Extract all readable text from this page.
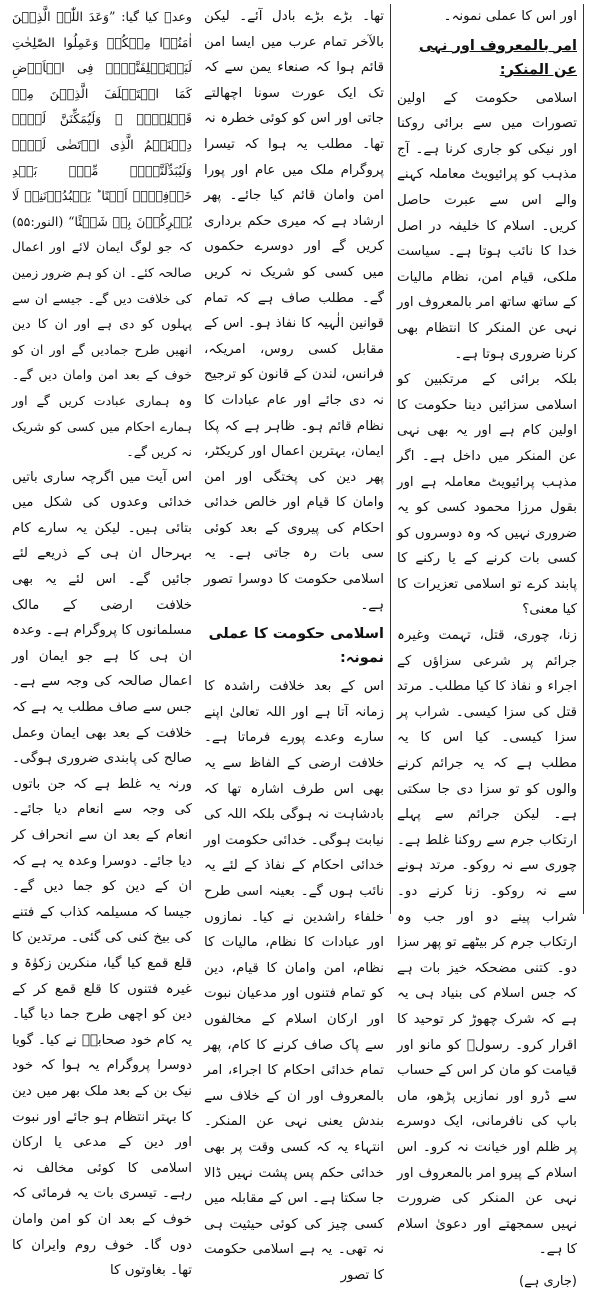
وعدہ کیا گیا: ”وَعَدَ اللّٰہُ الَّذِیۡنَ اٰمَنُوۡا مِنۡکُمۡ وَعَمِلُوا الصّٰلِحٰتِ لَیَسۡتَخۡلِفَنَّہُمۡ فِی الۡاَرۡضِ کَمَا اسۡتَخۡلَفَ الَّذِیۡنَ مِنۡ قَبۡلِہِمۡ ۪ وَلَیُمَکِّنَنَّ لَہُمۡ دِیۡنَہُمُ الَّذِی ارۡتَضٰی لَہُمۡ وَلَیُبَدِّلَنَّہُمۡ مِّنۡۢ بَعۡدِ خَوۡفِہِمۡ اَمۡنًا ؕ یَعۡبُدُوۡنَنِیۡ لَا یُشۡرِکُوۡنَ بِیۡ شَیۡئًا“ (النور:۵۵) کہ جو لوگ ایمان لائے اور اعمال صالحہ کئے۔ ان کو ہم ضرور زمین کی خلافت دیں گے۔ جیسے ان سے پہلوں کو دی ہے اور ان کا دین انھیں طرح جمادیں گے اور ان کو خوف کے بعد امن وامان دیں گے۔ وہ ہماری عبادت کریں گے اور ہمارے احکام میں کسی کو شریک نہ کریں گے۔

اس آیت میں اگرچہ ساری باتیں خدائی وعدوں کی شکل میں بتائی ہیں۔ لیکن یہ سارے کام بہرحال ان ہی کے ذریعے لئے جائیں گے۔ اس لئے یہ بھی خلافت ارضی کے مالک مسلمانوں کا پروگرام ہے۔ وعدہ ان ہی کا ہے جو ایمان اور اعمال صالحہ کی وجہ سے ہے۔ جس سے صاف مطلب یہ ہے کہ خلافت کے بعد بھی ایمان وعمل صالح کی پابندی ضروری ہوگی۔ ورنہ یہ غلط ہے کہ جن باتوں کی وجہ سے انعام دیا جائے۔ انعام کے بعد ان سے انحراف کر دیا جائے۔ دوسرا وعدہ یہ ہے کہ ان کے دین کو جما دیں گے۔ جیسا کہ مسیلمہ کذاب کے فتنے کی بیخ کنی کی گئی۔ مرتدین کا قلع قمع کیا گیا، منکرین زکوٰۃ و غیرہ فتنوں کا قلع قمع کر کے دین کو اچھی طرح جما دیا گیا۔ یہ کام خود صحابہؓ نے کیا۔ گویا دوسرا پروگرام یہ ہوا کہ خود نیک بن کے بعد ملک بھر میں دین کا بہتر انتظام ہو جائے اور نبوت اور دین کے مدعی یا ارکان اسلامی کا کوئی مخالف نہ رہے۔ تیسری بات یہ فرمائی کہ خوف کے بعد ان کو امن وامان دوں گا۔ خوف روم وایران کا تھا۔ بغاوتوں کا

تھا۔ بڑے بڑے بادل آئے۔ لیکن بالآخر تمام عرب میں ایسا امن قائم ہوا کہ صنعاء یمن سے کہ تک ایک عورت سونا اچھالتے جاتی اور اس کو کوئی خطرہ نہ تھا۔ مطلب یہ ہوا کہ تیسرا پروگرام ملک میں عام اور پورا امن وامان قائم کیا جائے۔ پھر ارشاد ہے کہ میری حکم برداری کریں گے اور دوسرے حکموں میں کسی کو شریک نہ کریں گے۔ مطلب صاف ہے کہ تمام قوانین الٰہیہ کا نفاذ ہو۔ اس کے مقابل کسی روس، امریکہ، فرانس، لندن کے قانون کو ترجیح نہ دی جائے اور عام عبادات کا نظام قائم ہو۔ ظاہر ہے کہ پکا ایمان، بہترین اعمال اور کریکٹر، پھر دین کی پختگی اور امن وامان کا قیام اور خالص خدائی احکام کی پیروی کے بعد کوئی سی بات رہ جاتی ہے۔ یہ اسلامی حکومت کا دوسرا تصور ہے۔

اسلامی حکومت کا عملی نمونہ:

اس کے بعد خلافت راشدہ کا زمانہ آتا ہے اور اللہ تعالیٰ اپنے سارے وعدے پورے فرماتا ہے۔ خلافت ارضی کے الفاظ سے یہ بھی اس طرف اشارہ تھا کہ بادشاہت نہ ہوگی بلکہ اللہ کی نیابت ہوگی۔ خدائی حکومت اور خدائی احکام کے نفاذ کے لئے یہ نائب ہوں گے۔ بعینہ اسی طرح خلفاء راشدین نے کیا۔ نمازوں اور عبادات کا نظام، مالیات کا نظام، امن وامان کا قیام، دین کو تمام فتنوں اور مدعیان نبوت اور ارکان اسلام کے مخالفوں سے پاک صاف کرنے کا کام، پھر تمام خدائی احکام کا اجراء، امر بالمعروف اور ان کے خلاف سے بندش یعنی نہی عن المنکر۔ انتہاء یہ کہ کسی وقت پر بھی خدائی حکم پس پشت نہیں ڈالا جا سکتا ہے۔ اس کے مقابلہ میں کسی چیز کی کوئی حیثیت ہی نہ تھی۔ یہ ہے اسلامی حکومت کا تصور

اور اس کا عملی نمونہ۔

امر بالمعروف اور نہی عن المنکر:

اسلامی حکومت کے اولین تصورات میں سے برائی روکنا اور نیکی کو جاری کرنا ہے۔ آج مذہب کو پرائیویٹ معاملہ کہنے والے اس سے عبرت حاصل کریں۔ اسلام کا خلیفہ در اصل خدا کا نائب ہوتا ہے۔ سیاست ملکی، قیام امن، نظام مالیات کے ساتھ ساتھ امر بالمعروف اور نہی عن المنکر کا انتظام بھی کرنا ضروری ہوتا ہے۔

بلکہ برائی کے مرتکبین کو اسلامی سزائیں دینا حکومت کا اولین کام ہے اور یہ بھی نہی عن المنکر میں داخل ہے۔ اگر مذہب پرائیویٹ معاملہ ہے اور بقول مرزا محمود کسی کو یہ ضروری نہیں کہ وہ دوسروں کو کسی بات کرنے کے یا رکنے کا پابند کرے تو اسلامی تعزیرات کا کیا معنی؟

زنا، چوری، قتل، تہمت وغیرہ جرائم پر شرعی سزاؤں کے اجراء و نفاذ کا کیا مطلب۔ مرتد قتل کی سزا کیسی۔ شراب پر سزا کیسی۔ کیا اس کا یہ مطلب ہے کہ یہ جرائم کرنے والوں کو تو سزا دی جا سکتی ہے۔ لیکن جرائم سے پہلے ارتکاب جرم سے روکنا غلط ہے۔ چوری سے نہ روکو۔ مرتد ہونے سے نہ روکو۔ زنا کرنے دو۔ شراب پینے دو اور جب وہ ارتکاب جرم کر بیٹھے تو پھر سزا دو۔ کتنی مضحکہ خیز بات ہے کہ جس اسلام کی بنیاد ہی یہ ہے کہ شرک چھوڑ کر توحید کا اقرار کرو۔ رسولؐ کو مانو اور قیامت کو مان کر اس کے حساب سے ڈرو اور نمازیں پڑھو، ماں باپ کی نافرمانی، ایک دوسرے پر ظلم اور خیانت نہ کرو۔ اس اسلام کے پیرو امر بالمعروف اور نہی عن المنکر کی ضرورت نہیں سمجھتے اور دعویٰ اسلام کا ہے۔

(جاری ہے)
